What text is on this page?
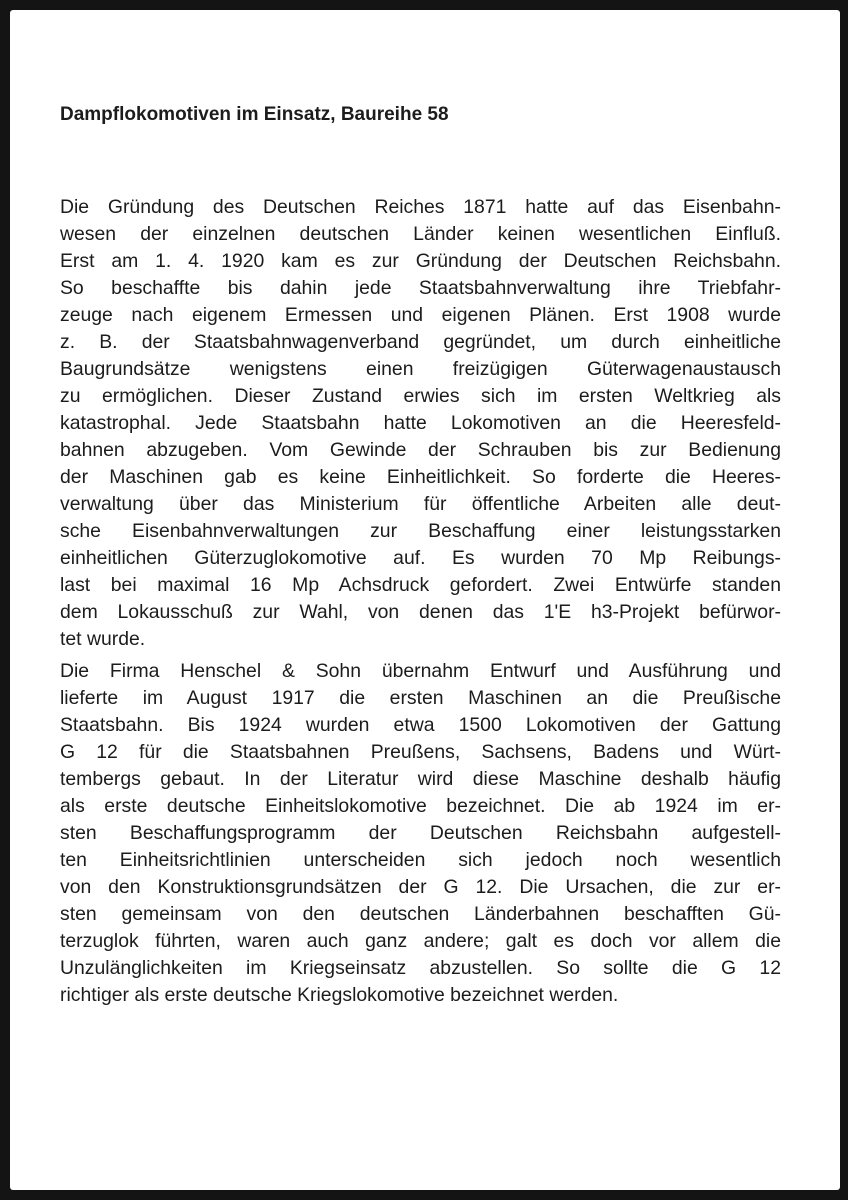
Dampflokomotiven im Einsatz, Baureihe 58
Die Gründung des Deutschen Reiches 1871 hatte auf das Eisenbahn-
wesen der einzelnen deutschen Länder keinen wesentlichen Einfluß.
Erst am 1. 4. 1920 kam es zur Gründung der Deutschen Reichsbahn.
So beschaffte bis dahin jede Staatsbahnverwaltung ihre Triebfahr-
zeuge nach eigenem Ermessen und eigenen Plänen. Erst 1908 wurde
z. B. der Staatsbahnwagenverband gegründet, um durch einheitliche
Baugrundsätze wenigstens einen freizügigen Güterwagenaustausch
zu ermöglichen. Dieser Zustand erwies sich im ersten Weltkrieg als
katastrophal. Jede Staatsbahn hatte Lokomotiven an die Heeresfeld-
bahnen abzugeben. Vom Gewinde der Schrauben bis zur Bedienung
der Maschinen gab es keine Einheitlichkeit. So forderte die Heeres-
verwaltung über das Ministerium für öffentliche Arbeiten alle deut-
sche Eisenbahnverwaltungen zur Beschaffung einer leistungsstarken
einheitlichen Güterzuglokomotive auf. Es wurden 70 Mp Reibungs-
last bei maximal 16 Mp Achsdruck gefordert. Zwei Entwürfe standen
dem Lokausschuß zur Wahl, von denen das 1'E h3-Projekt befürwor-
tet wurde.
Die Firma Henschel & Sohn übernahm Entwurf und Ausführung und
lieferte im August 1917 die ersten Maschinen an die Preußische
Staatsbahn. Bis 1924 wurden etwa 1500 Lokomotiven der Gattung
G 12 für die Staatsbahnen Preußens, Sachsens, Badens und Würt-
tembergs gebaut. In der Literatur wird diese Maschine deshalb häufig
als erste deutsche Einheitslokomotive bezeichnet. Die ab 1924 im er-
sten Beschaffungsprogramm der Deutschen Reichsbahn aufgestell-
ten Einheitsrichtlinien unterscheiden sich jedoch noch wesentlich
von den Konstruktionsgrundsätzen der G 12. Die Ursachen, die zur er-
sten gemeinsam von den deutschen Länderbahnen beschafften Gü-
terzuglok führten, waren auch ganz andere; galt es doch vor allem die
Unzulänglichkeiten im Kriegseinsatz abzustellen. So sollte die G 12
richtiger als erste deutsche Kriegslokomotive bezeichnet werden.
